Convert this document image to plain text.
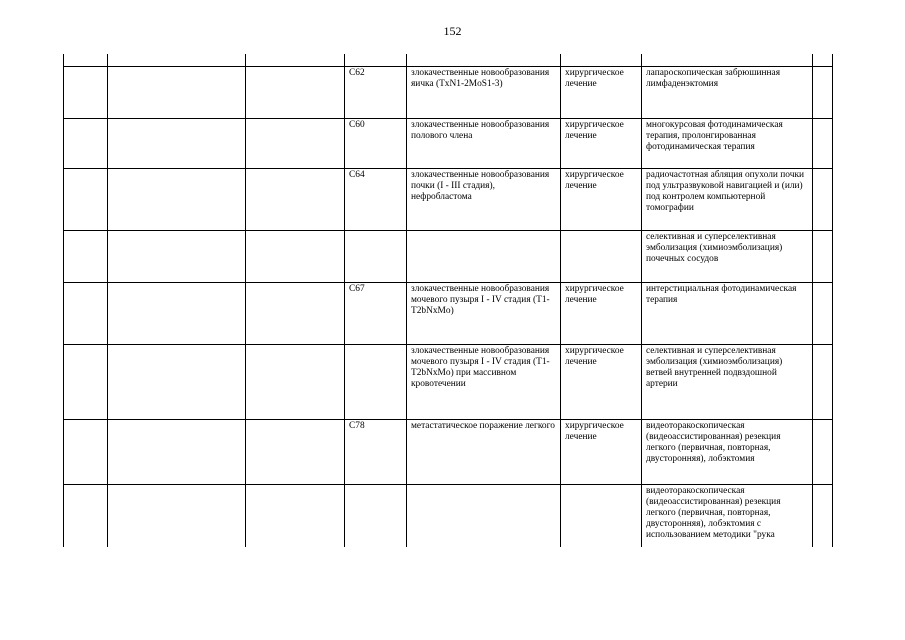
152

			C62	злокачественные новообразования яичка (TxN1-2MoS1-3)	хирургическое лечение	лапароскопическая забрюшинная лимфаденэктомия	
			C60	злокачественные новообразования полового члена	хирургическое лечение	многокурсовая фотодинамическая терапия, пролонгированная фотодинамическая терапия	
			C64	злокачественные новообразования почки (I - III стадия), нефробластома	хирургическое лечение	радиочастотная абляция опухоли почки под ультразвуковой навигацией и (или) под контролем компьютерной томографии	
						селективная и суперселективная эмболизация (химиоэмболизация) почечных сосудов	
			C67	злокачественные новообразования мочевого пузыря I - IV стадия (T1-T2bNxMo)	хирургическое лечение	интерстициальная фотодинамическая терапия	
				злокачественные новообразования мочевого пузыря I - IV стадия (T1-T2bNxMo) при массивном кровотечении	хирургическое лечение	селективная и суперселективная эмболизация (химиоэмболизация) ветвей внутренней подвздошной артерии	
			C78	метастатическое поражение легкого	хирургическое лечение	видеоторакоскопическая (видеоассистированная) резекция легкого (первичная, повторная, двусторонняя), лобэктомия	
						видеоторакоскопическая (видеоассистированная) резекция легкого (первичная, повторная, двусторонняя), лобэктомия с использованием методики "рука	
